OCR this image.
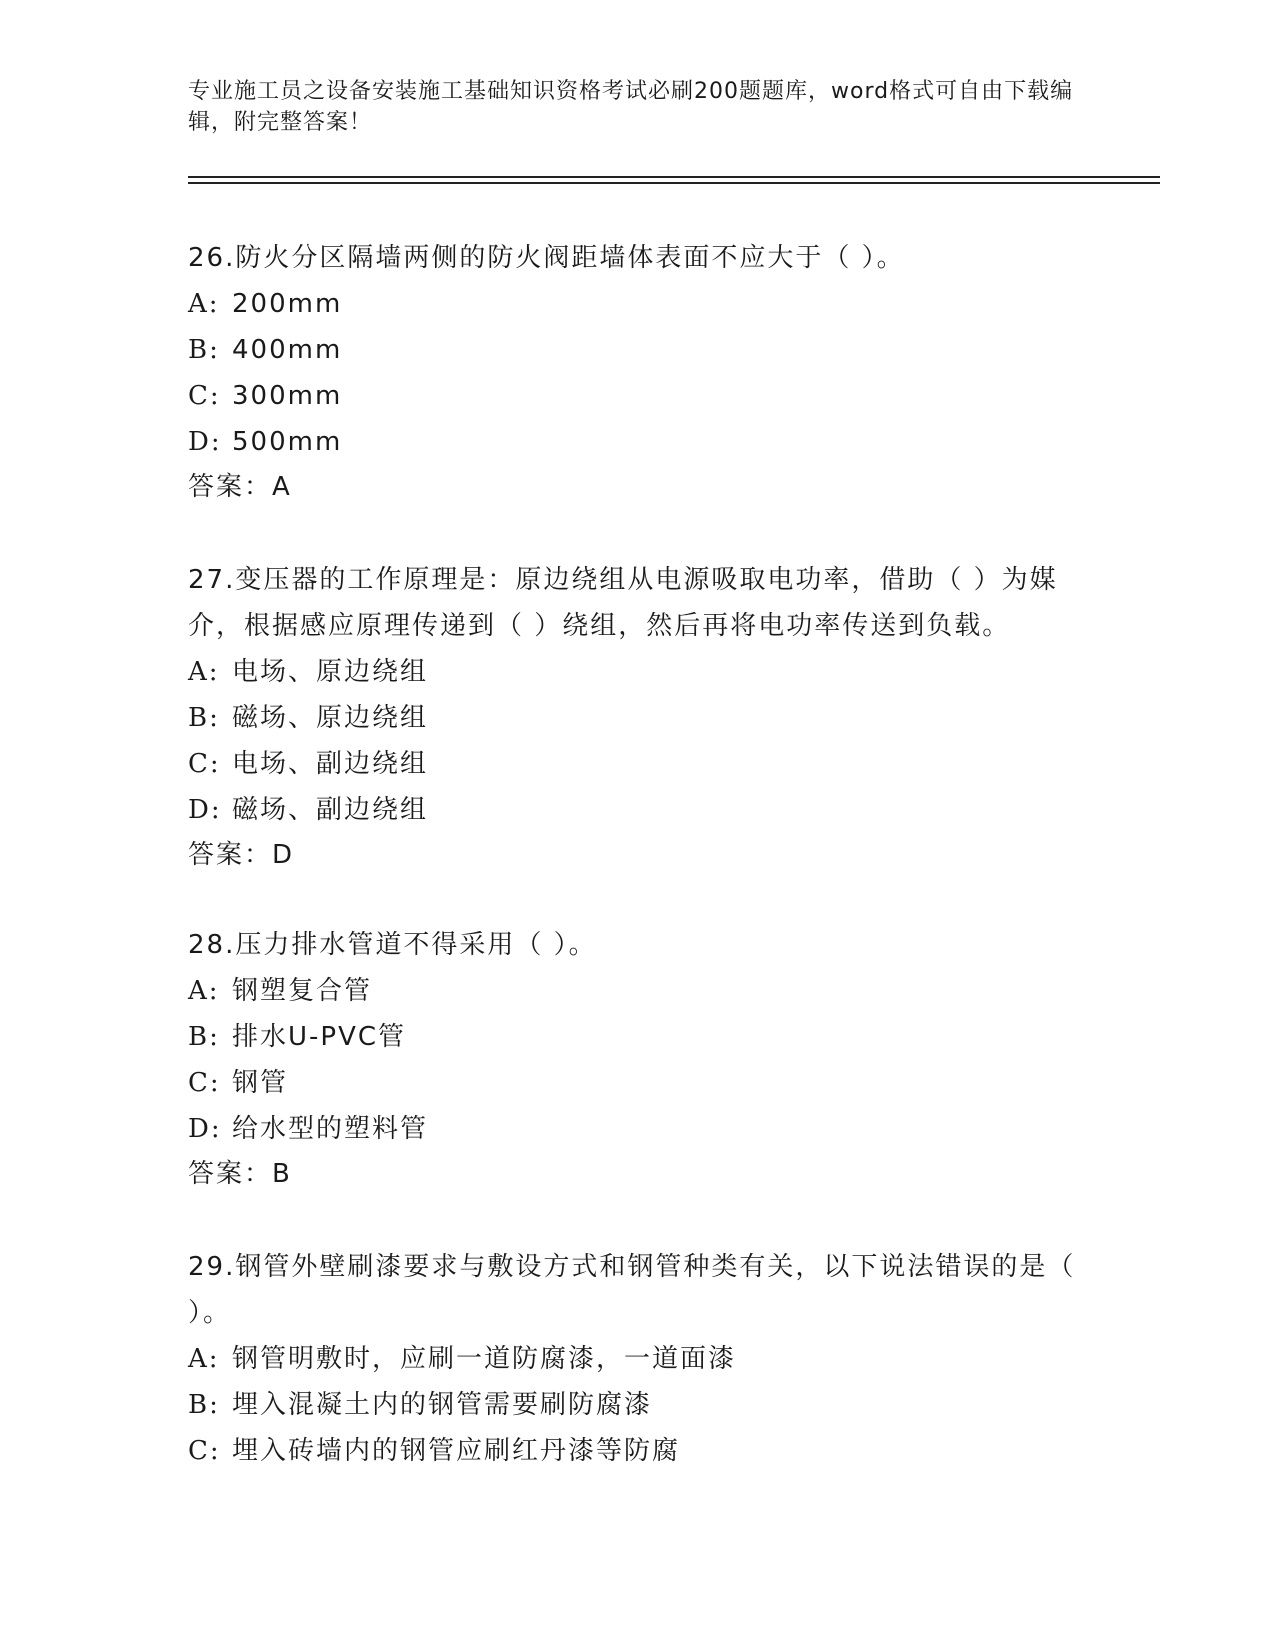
专业施工员之设备安装施工基础知识资格考试必刷200题题库，word格式可自由下载编辑，附完整答案！
26.防火分区隔墙两侧的防火阀距墙体表面不应大于（ ）。
A: 200mm
B: 400mm
C: 300mm
D: 500mm
答案：A
27.变压器的工作原理是：原边绕组从电源吸取电功率，借助（ ）为媒介，根据感应原理传递到（ ）绕组，然后再将电功率传送到负载。
A: 电场、原边绕组
B: 磁场、原边绕组
C: 电场、副边绕组
D: 磁场、副边绕组
答案：D
28.压力排水管道不得采用（ ）。
A: 钢塑复合管
B: 排水U-PVC管
C: 钢管
D: 给水型的塑料管
答案：B
29.钢管外壁刷漆要求与敷设方式和钢管种类有关，以下说法错误的是（ ）。
A: 钢管明敷时，应刷一道防腐漆，一道面漆
B: 埋入混凝土内的钢管需要刷防腐漆
C: 埋入砖墙内的钢管应刷红丹漆等防腐
